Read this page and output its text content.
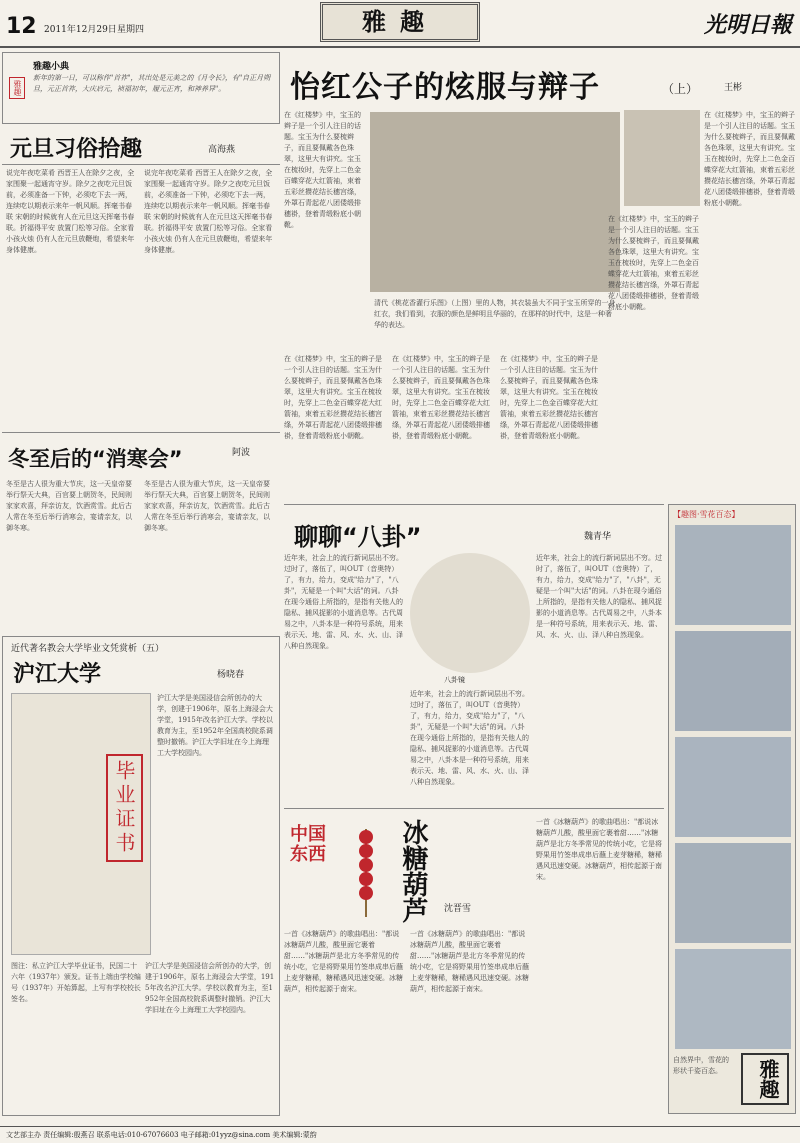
12 2011年12月29日 星期四	雅趣	光明日報
雅趣小典
雅趣
新年的第一日，可以称作"首祚"，其出处是元美之的《月令长》，有"自正月朔旦，元正首祚，大庆启元，祯福初年，履元正宵，和神养异"。
元旦习俗拾趣	高海燕
说完年夜吃菜肴 西晋王人在除夕之夜，全家围聚一起通宵守岁。除夕之夜吃元旦饭前，必须准备一下钟，必须吃下去一两，连续吃以期表示来年一帆风顺。挥毫书春联 宋朝的时候就有人在元旦这天挥毫书春联。折福得平安 放置门松等习俗。全家看小孩火烛 仍有人在元旦放鞭炮，希望来年身体健康。
说完年夜吃菜肴 西晋王人在除夕之夜，全家围聚一起通宵守岁。除夕之夜吃元旦饭前，必须准备一下钟，必须吃下去一两，连续吃以期表示来年一帆风顺。挥毫书春联 宋朝的时候就有人在元旦这天挥毫书春联。折福得平安 放置门松等习俗。全家看小孩火烛 仍有人在元旦放鞭炮，希望来年身体健康。
冬至后的“消寒会”	阿波
冬至是古人很为重大节庆，这一天皇帝要举行祭天大典，百官要上朝贺冬，民间则家家欢喜，拜亲访友，饮酒赏雪。此后古人常在冬至后举行消寒会，宴请亲友，以御冬寒。
冬至是古人很为重大节庆，这一天皇帝要举行祭天大典，百官要上朝贺冬，民间则家家欢喜，拜亲访友，饮酒赏雪。此后古人常在冬至后举行消寒会，宴请亲友，以御冬寒。
近代著名教会大学毕业文凭赏析（五）
沪江大学	杨晓春
毕业证书
沪江大学是美国浸信会所创办的大学，创建于1906年，原名上海浸会大学堂，1915年改名沪江大学。学校以教育为主，至1952年全国高校院系调整时撤销。沪江大学旧址在今上海理工大学校园内。
图注：私立沪江大学毕业证书，民国二十六年（1937年）颁发。证书上端由学校编号（1937年）开始算起，上写有学校校长签名。
沪江大学是美国浸信会所创办的大学，创建于1906年，原名上海浸会大学堂，1915年改名沪江大学。学校以教育为主，至1952年全国高校院系调整时撤销。沪江大学旧址在今上海理工大学校园内。
怡红公子的炫服与辩子	（上）	王彬
在《红楼梦》中，宝玉的辫子是一个引人注目的话题。宝玉为什么要梳辫子，而且要佩戴各色珠翠，这里大有讲究。宝玉在梳妆时，先穿上二色金百蝶穿花大红箭袖，束着五彩丝攒花结长穗宫绦，外罩石青起花八团倭缎排穗褂，登着青缎粉底小朝靴。
清代《桃花香灌行乐图》（上图）里的人物，其衣装虽大不同于宝玉所穿的一身红衣，我们看到，衣服的颜色是鲜明且华丽的，在那样的时代中，这是一种奢华的表达。
在《红楼梦》中，宝玉的辫子是一个引人注目的话题。宝玉为什么要梳辫子，而且要佩戴各色珠翠，这里大有讲究。宝玉在梳妆时，先穿上二色金百蝶穿花大红箭袖，束着五彩丝攒花结长穗宫绦，外罩石青起花八团倭缎排穗褂，登着青缎粉底小朝靴。
在《红楼梦》中，宝玉的辫子是一个引人注目的话题。宝玉为什么要梳辫子，而且要佩戴各色珠翠，这里大有讲究。宝玉在梳妆时，先穿上二色金百蝶穿花大红箭袖，束着五彩丝攒花结长穗宫绦，外罩石青起花八团倭缎排穗褂，登着青缎粉底小朝靴。
在《红楼梦》中，宝玉的辫子是一个引人注目的话题。宝玉为什么要梳辫子，而且要佩戴各色珠翠，这里大有讲究。宝玉在梳妆时，先穿上二色金百蝶穿花大红箭袖，束着五彩丝攒花结长穗宫绦，外罩石青起花八团倭缎排穗褂，登着青缎粉底小朝靴。
在《红楼梦》中，宝玉的辫子是一个引人注目的话题。宝玉为什么要梳辫子，而且要佩戴各色珠翠，这里大有讲究。宝玉在梳妆时，先穿上二色金百蝶穿花大红箭袖，束着五彩丝攒花结长穗宫绦，外罩石青起花八团倭缎排穗褂，登着青缎粉底小朝靴。
在《红楼梦》中，宝玉的辫子是一个引人注目的话题。宝玉为什么要梳辫子，而且要佩戴各色珠翠，这里大有讲究。宝玉在梳妆时，先穿上二色金百蝶穿花大红箭袖，束着五彩丝攒花结长穗宫绦，外罩石青起花八团倭缎排穗褂，登着青缎粉底小朝靴。
聊聊“八卦”	魏青华
近年来，社会上的流行新词层出不穷。过时了，落伍了，叫OUT（音奥特）了，有力，给力，变成"给力"了，"八卦"，无疑是一个叫"大话"的词。八卦在现今通俗上所指的，是指有关他人的隐私、捕风捉影的小道消息等。古代周易之中，八卦本是一种符号系统，用来表示天、地、雷、风、水、火、山、泽八种自然现象。
八卦镜
近年来，社会上的流行新词层出不穷。过时了，落伍了，叫OUT（音奥特）了，有力，给力，变成"给力"了，"八卦"，无疑是一个叫"大话"的词。八卦在现今通俗上所指的，是指有关他人的隐私、捕风捉影的小道消息等。古代周易之中，八卦本是一种符号系统，用来表示天、地、雷、风、水、火、山、泽八种自然现象。
近年来，社会上的流行新词层出不穷。过时了，落伍了，叫OUT（音奥特）了，有力，给力，变成"给力"了，"八卦"，无疑是一个叫"大话"的词。八卦在现今通俗上所指的，是指有关他人的隐私、捕风捉影的小道消息等。古代周易之中，八卦本是一种符号系统，用来表示天、地、雷、风、水、火、山、泽八种自然现象。
【趣图·雪花百态】
自然界中，雪花的形状千姿百态。	雅趣
中国东西	冰糖葫芦	沈晋雪
一首《冰糖葫芦》的歌曲唱出："都说冰糖葫芦儿酸，酸里面它裹着甜……"冰糖葫芦是北方冬季常见的传统小吃，它是将野果用竹签串成串后蘸上麦芽糖稀，糖稀遇风迅速变硬。冰糖葫芦，相传起源于南宋。
一首《冰糖葫芦》的歌曲唱出："都说冰糖葫芦儿酸，酸里面它裹着甜……"冰糖葫芦是北方冬季常见的传统小吃，它是将野果用竹签串成串后蘸上麦芽糖稀，糖稀遇风迅速变硬。冰糖葫芦，相传起源于南宋。
一首《冰糖葫芦》的歌曲唱出："都说冰糖葫芦儿酸，酸里面它裹着甜……"冰糖葫芦是北方冬季常见的传统小吃，它是将野果用竹签串成串后蘸上麦芽糖稀，糖稀遇风迅速变硬。冰糖葫芦，相传起源于南宋。
文艺部主办 责任编辑:殷燕召 联系电话:010-67076603 电子邮箱:01yyz@sina.com 美术编辑:蒙韵
